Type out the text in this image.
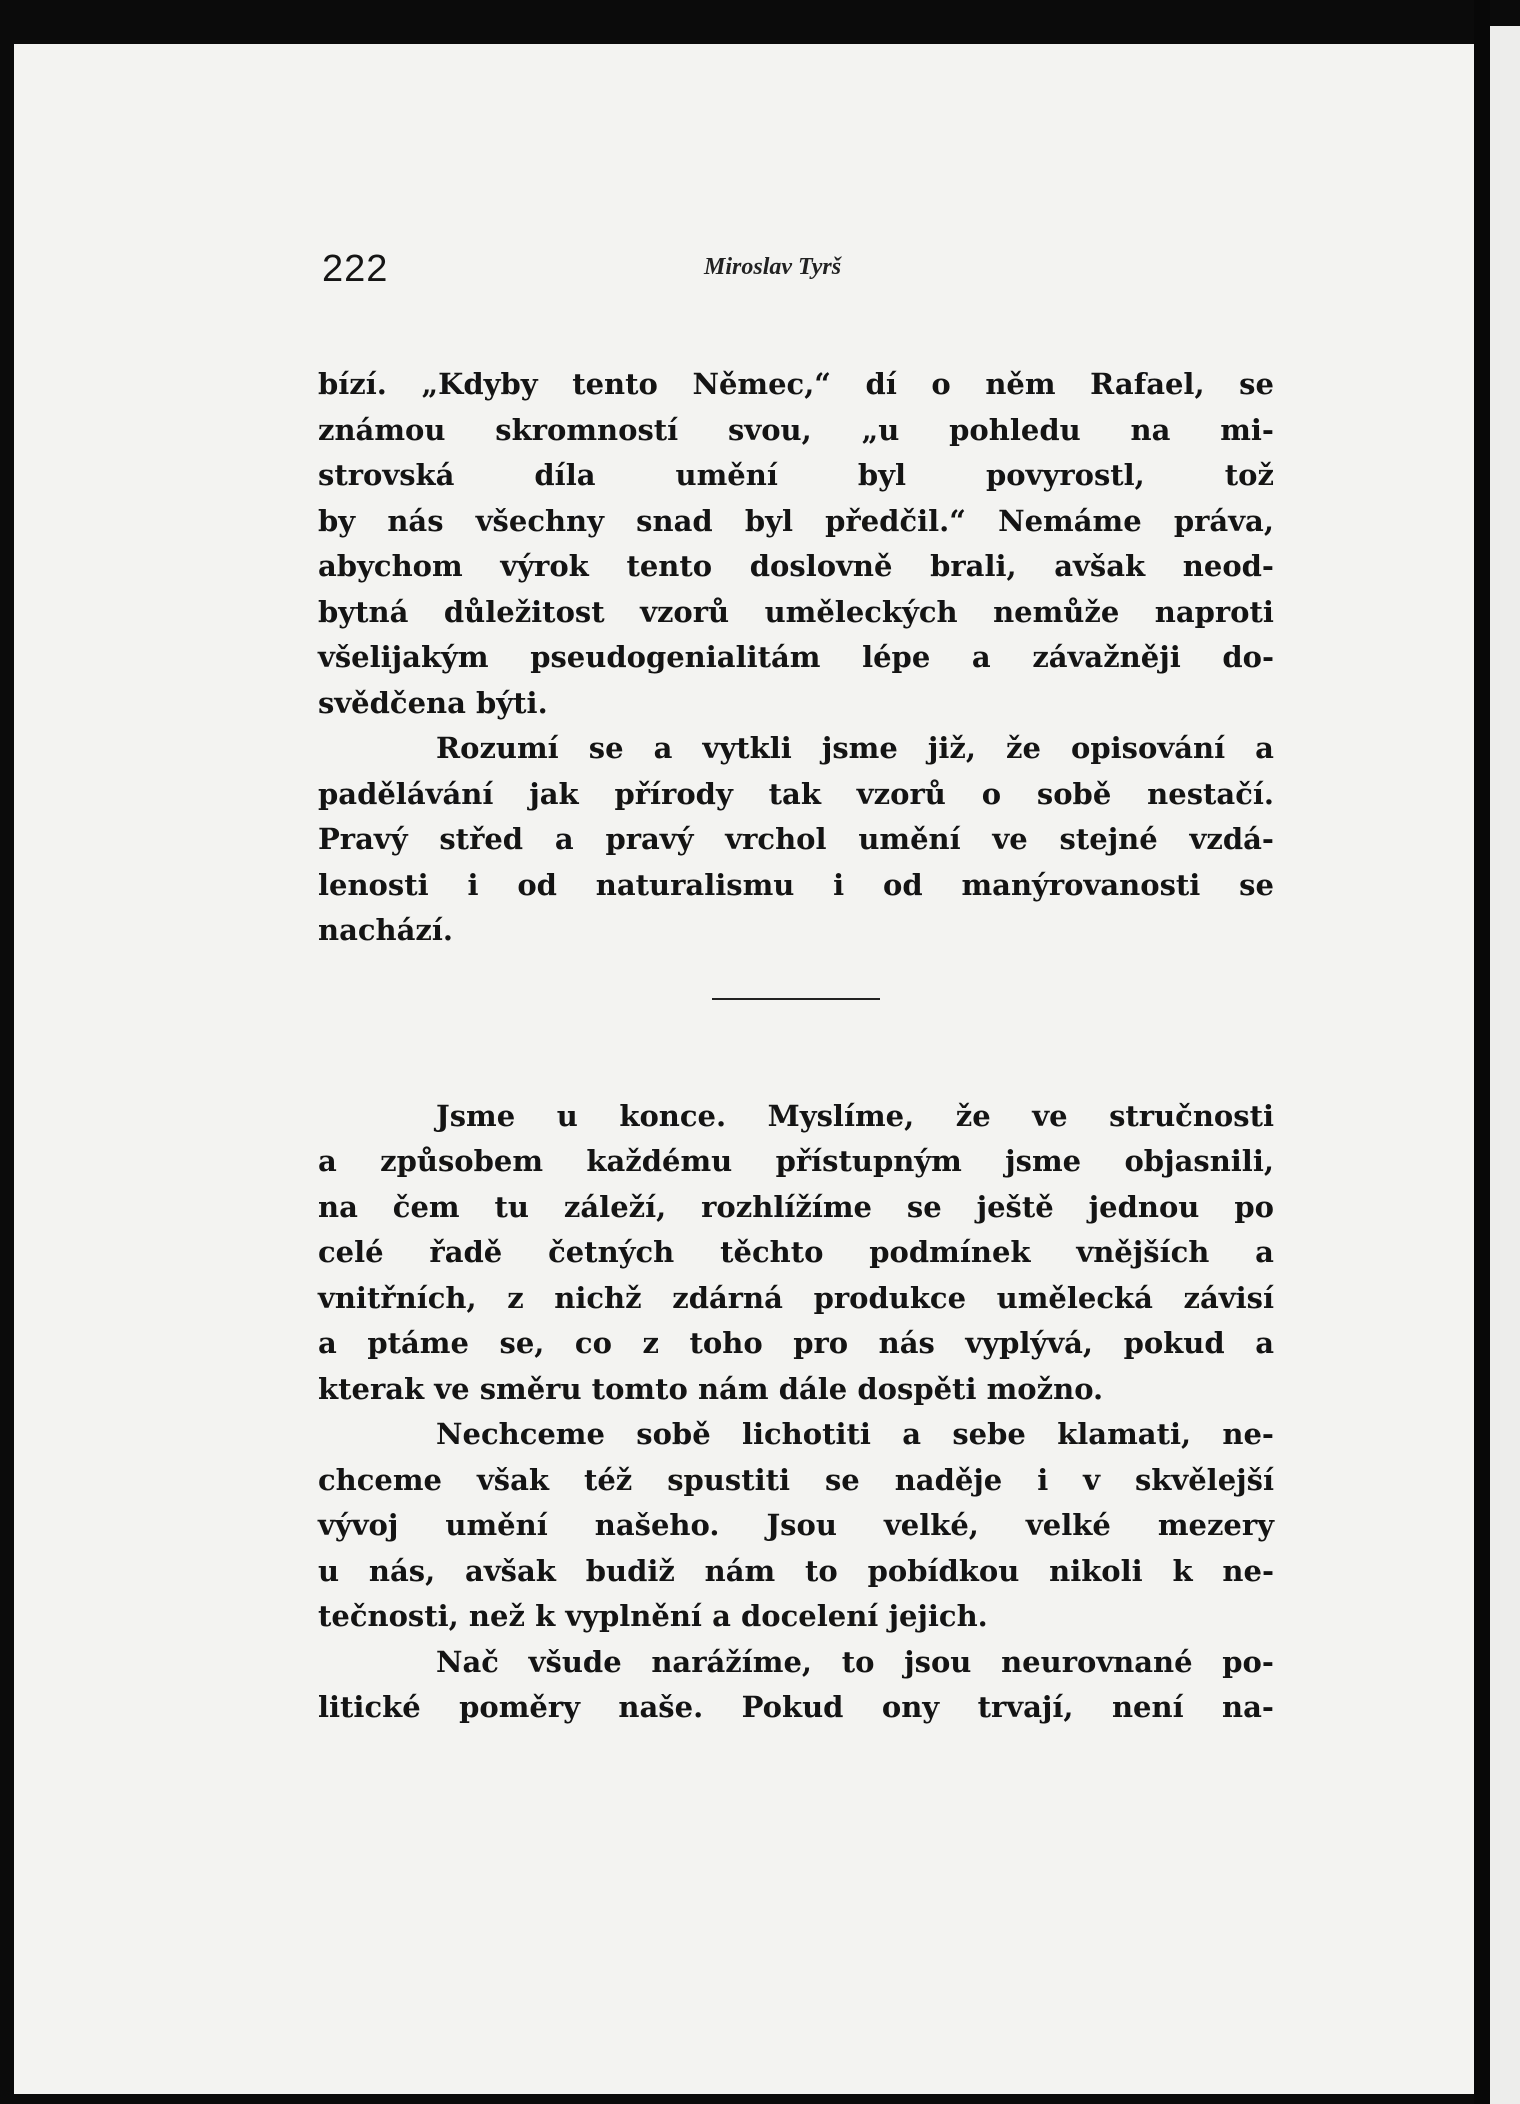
222	Miroslav Tyrš
bízí. „Kdyby tento Němec,“ dí o něm Rafael, se
známou skromností svou, „u pohledu na mi-
strovská	díla	umění	byl	povyrostl,	tož
by nás všechny snad byl předčil.“ Nemáme práva,
abychom výrok tento doslovně brali, avšak neod-
bytná důležitost vzorů uměleckých nemůže naproti
všelijakým pseudogenialitám lépe a závažněji do-
svědčena býti.
Rozumí se a vytkli jsme již, že opisování a
padělávání jak přírody tak vzorů o sobě nestačí.
Pravý střed a pravý vrchol umění ve stejné vzdá-
lenosti i od naturalismu i od manýrovanosti se
nachází.
Jsme u konce. Myslíme, že ve stručnosti
a způsobem každému přístupným jsme objasnili,
na čem tu záleží, rozhlížíme se ještě jednou po
celé řadě četných těchto podmínek vnějších a
vnitřních, z nichž zdárná produkce umělecká závisí
a ptáme se, co z toho pro nás vyplývá, pokud a
kterak ve směru tomto nám dále dospěti možno.
Nechceme sobě lichotiti a sebe klamati, ne-
chceme však též spustiti se naděje i v skvělejší
vývoj umění našeho. Jsou velké, velké mezery
u nás, avšak budiž nám to pobídkou nikoli k ne-
tečnosti, než k vyplnění a docelení jejich.
Nač všude narážíme, to jsou neurovnané po-
litické poměry naše. Pokud ony trvají, není na-
